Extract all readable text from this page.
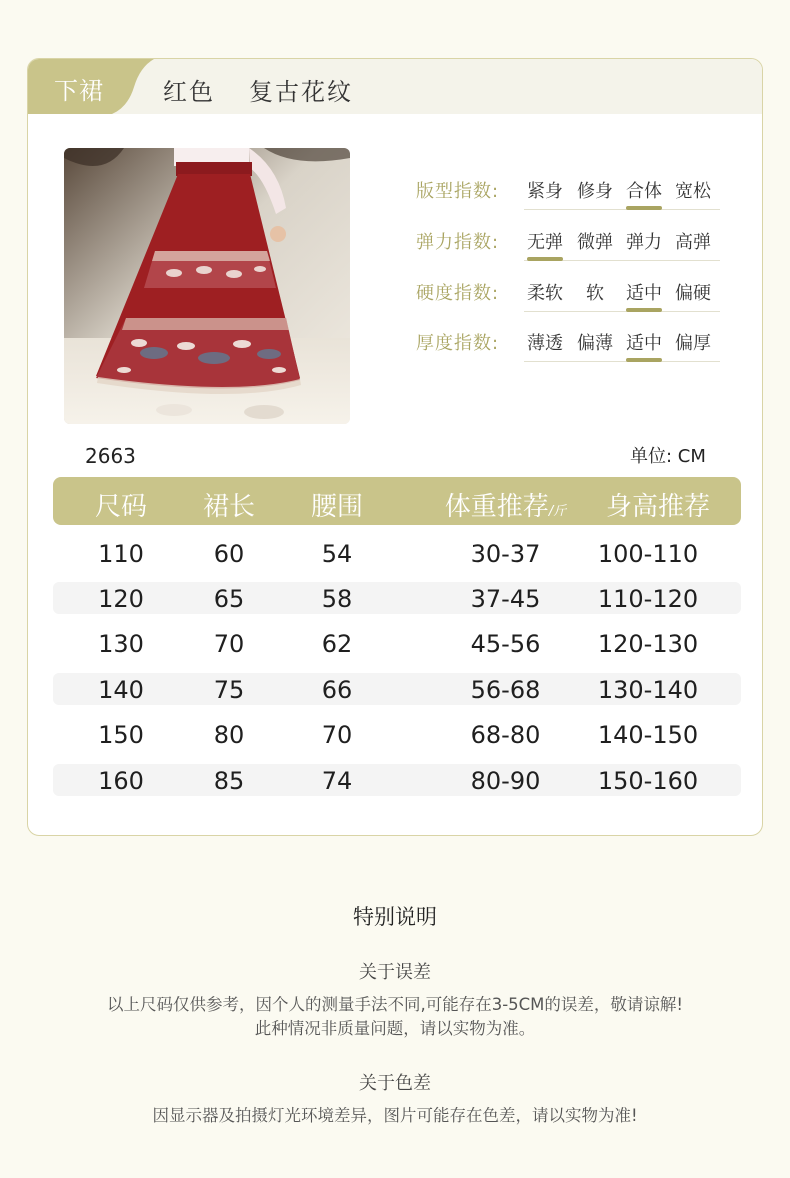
下裙 红色 复古花纹
版型指数: 紧身 修身 合体 宽松
弹力指数: 无弹 微弹 弹力 高弹
硬度指数: 柔软	软	适中 偏硬
厚度指数: 薄透 偏薄 适中 偏厚
2663	单位: CM
尺码	裙长	腰围	体重推荐/斤	身高推荐
110	60	54	30-37	100-110
120	65	58	37-45	110-120
130	70	62	45-56	120-130
140	75	66	56-68	130-140
150	80	70	68-80	140-150
160	85	74	80-90	150-160
特别说明
关于误差
以上尺码仅供参考，因个人的测量手法不同,可能存在3-5CM的误差，敬请谅解!
此种情况非质量问题，请以实物为准。
关于色差
因显示器及拍摄灯光环境差异，图片可能存在色差，请以实物为准!
